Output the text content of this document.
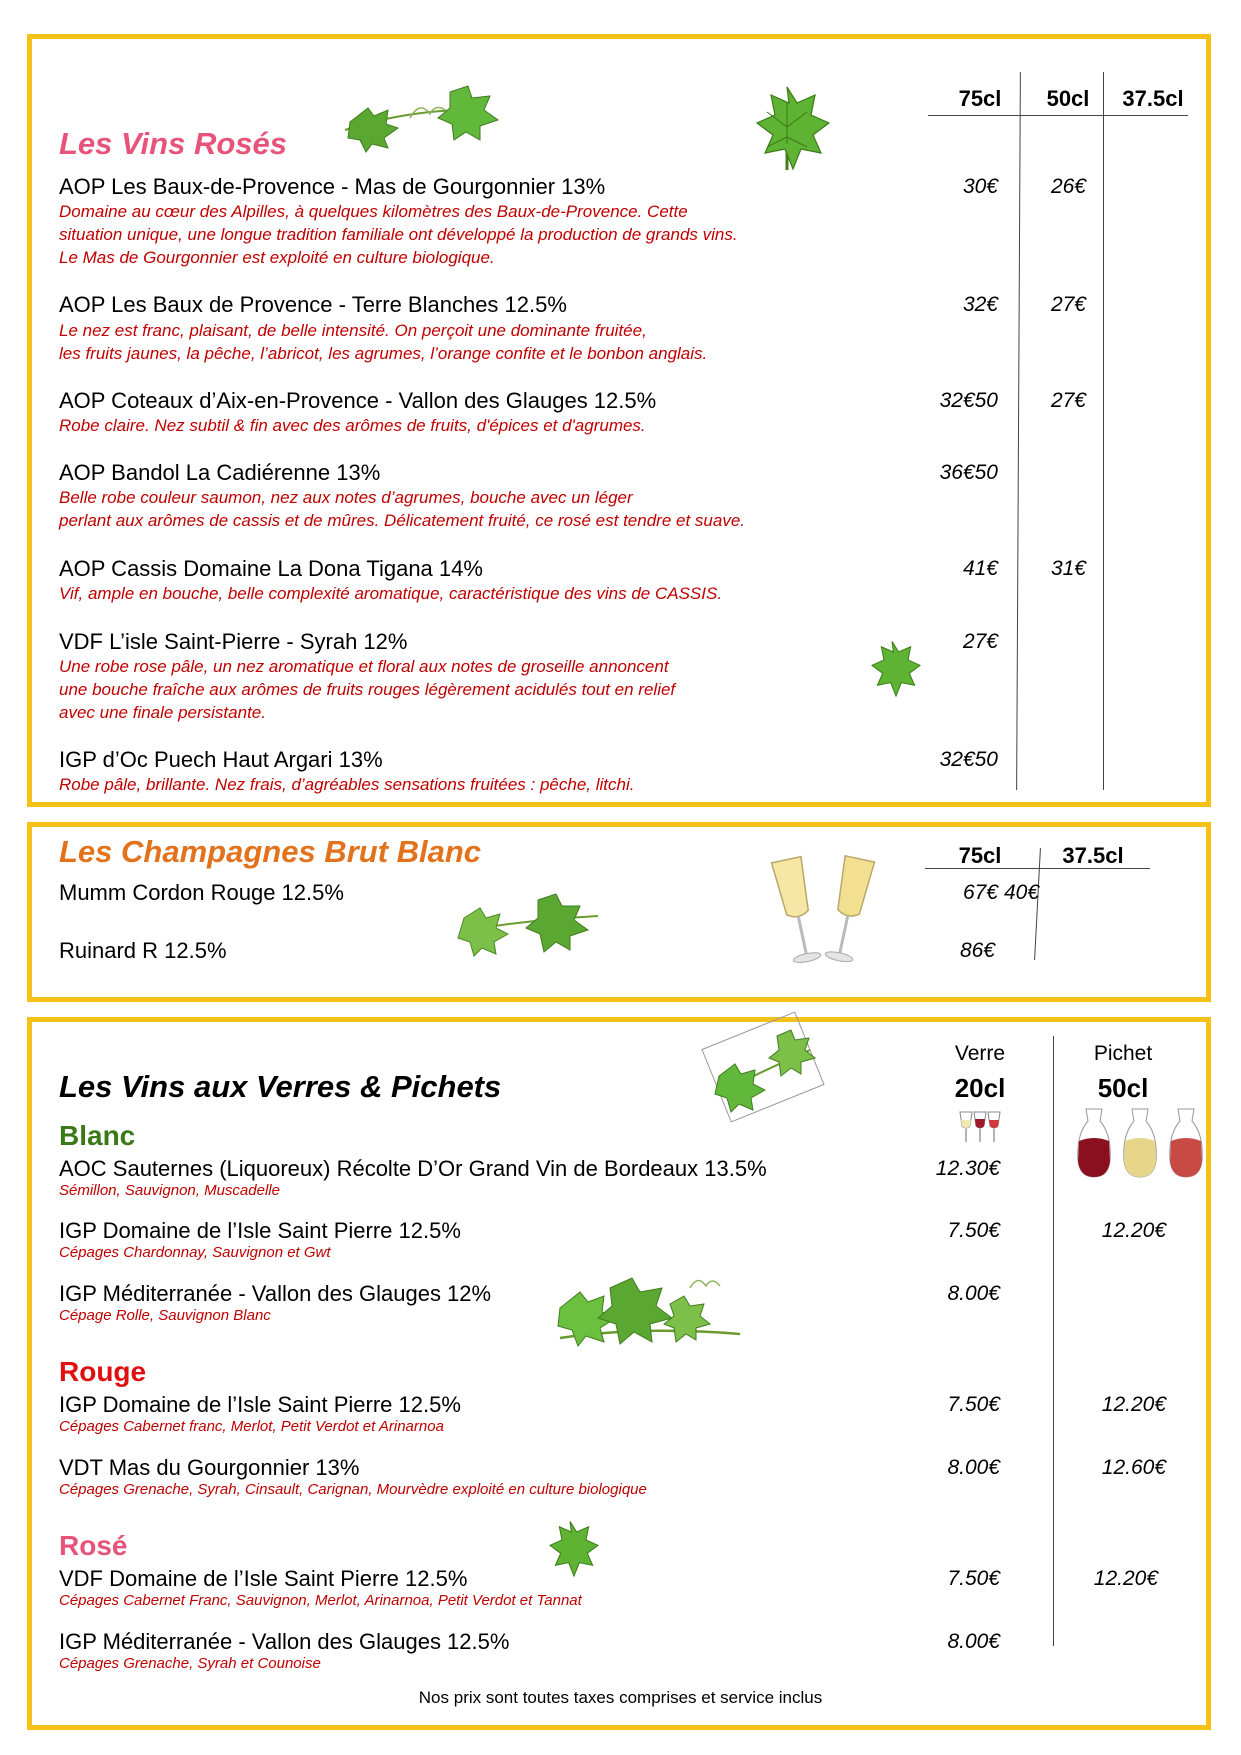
75cl	50cl	37.5cl
Les Vins Rosés
AOP Les Baux-de-Provence - Mas de Gourgonnier 13%
Domaine au cœur des Alpilles, à quelques kilomètres des Baux-de-Provence. Cette
situation unique, une longue tradition familiale ont développé la production de grands vins.
Le Mas de Gourgonnier est exploité en culture biologique.
30€	26€
AOP Les Baux de Provence - Terre Blanches 12.5%
Le nez est franc, plaisant, de belle intensité. On perçoit une dominante fruitée,
les fruits jaunes, la pêche, l’abricot, les agrumes, l’orange confite et le bonbon anglais.
32€	27€
AOP Coteaux d’Aix-en-Provence - Vallon des Glauges 12.5%
Robe claire. Nez subtil & fin avec des arômes de fruits, d'épices et d'agrumes.
32€50	27€
AOP Bandol La Cadiérenne 13%
Belle robe couleur saumon, nez aux notes d’agrumes, bouche avec un léger
perlant aux arômes de cassis et de mûres. Délicatement fruité, ce rosé est tendre et suave.
36€50
AOP Cassis Domaine La Dona Tigana 14%
Vif, ample en bouche, belle complexité aromatique, caractéristique des vins de CASSIS.
41€	31€
VDF L’isle Saint-Pierre - Syrah 12%
Une robe rose pâle, un nez aromatique et floral aux notes de groseille annoncent
une bouche fraîche aux arômes de fruits rouges légèrement acidulés tout en relief
avec une finale persistante.
27€
IGP d’Oc Puech Haut Argari 13%
Robe pâle, brillante. Nez frais, d’agréables sensations fruitées : pêche, litchi.
32€50
Les Champagnes Brut Blanc	75cl	37.5cl
Mumm Cordon Rouge 12.5%	67€ 40€
Ruinard R 12.5%	86€
Les Vins aux Verres & Pichets
Verre
20cl
Pichet
50cl
Blanc
AOC Sauternes (Liquoreux) Récolte D’Or Grand Vin de Bordeaux 13.5%
Sémillon, Sauvignon, Muscadelle
12.30€
IGP Domaine de l’Isle Saint Pierre 12.5%
Cépages Chardonnay, Sauvignon et Gwt
7.50€	12.20€
IGP Méditerranée - Vallon des Glauges 12%
Cépage Rolle, Sauvignon Blanc
8.00€
Rouge
IGP Domaine de l’Isle Saint Pierre 12.5%
Cépages Cabernet franc, Merlot, Petit Verdot et Arinarnoa
7.50€	12.20€
VDT Mas du Gourgonnier 13%
Cépages Grenache, Syrah, Cinsault, Carignan, Mourvèdre exploité en culture biologique
8.00€	12.60€
Rosé
VDF Domaine de l’Isle Saint Pierre 12.5%
Cépages Cabernet Franc, Sauvignon, Merlot, Arinarnoa, Petit Verdot et Tannat
7.50€	12.20€
IGP Méditerranée - Vallon des Glauges 12.5%
Cépages Grenache, Syrah et Counoise
8.00€
Nos prix sont toutes taxes comprises et service inclus
